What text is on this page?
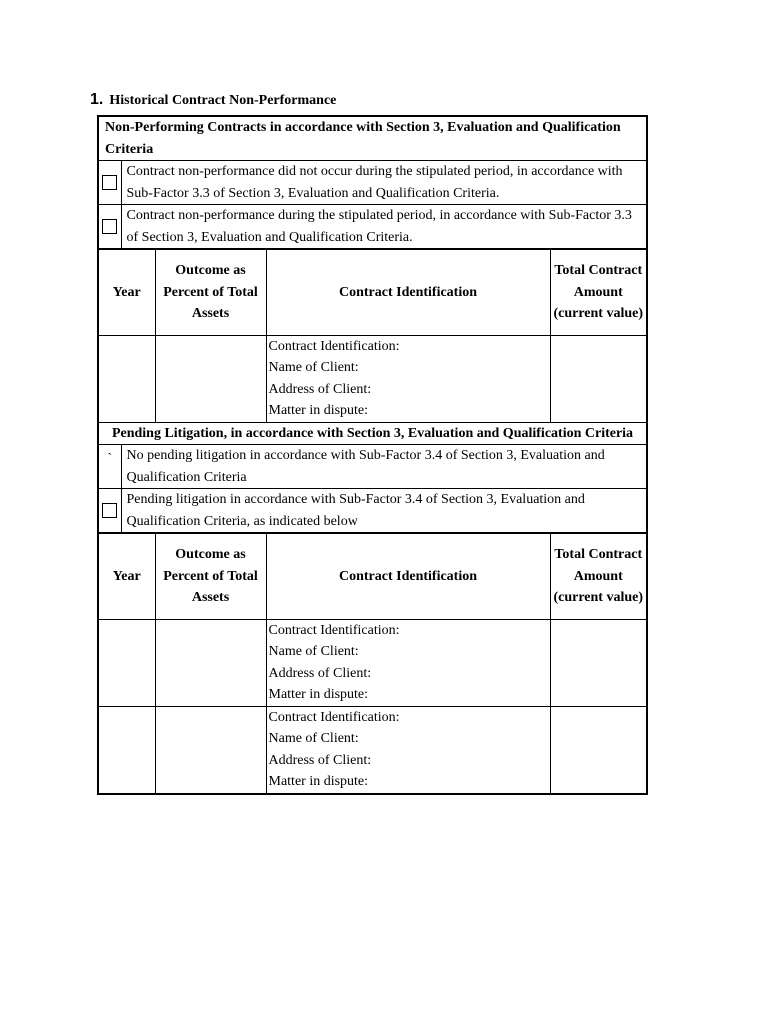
1. Historical Contract Non-Performance
Non-Performing Contracts in accordance with Section 3, Evaluation and Qualification Criteria				
	Contract non-performance did not occur during the stipulated period, in accordance with Sub-Factor 3.3 of Section 3, Evaluation and Qualification Criteria.			
	Contract non-performance during the stipulated period, in accordance with Sub-Factor 3.3 of Section 3, Evaluation and Qualification Criteria.			
Year		Outcome as Percent of Total Assets	Contract Identification	Total Contract Amount (current value)

			Contract Identification:
Name of Client:
Address of Client:
Matter in dispute:	

Pending Litigation, in accordance with Section 3, Evaluation and Qualification Criteria				
`	No pending litigation in accordance with Sub-Factor 3.4 of Section 3, Evaluation and Qualification Criteria			
	Pending litigation in accordance with Sub-Factor 3.4 of Section 3, Evaluation and Qualification Criteria, as indicated below			
Year		Outcome as Percent of Total Assets	Contract Identification	Total Contract Amount (current value)

			Contract Identification:
Name of Client:
Address of Client:
Matter in dispute:	

			Contract Identification:
Name of Client:
Address of Client:
Matter in dispute:	
